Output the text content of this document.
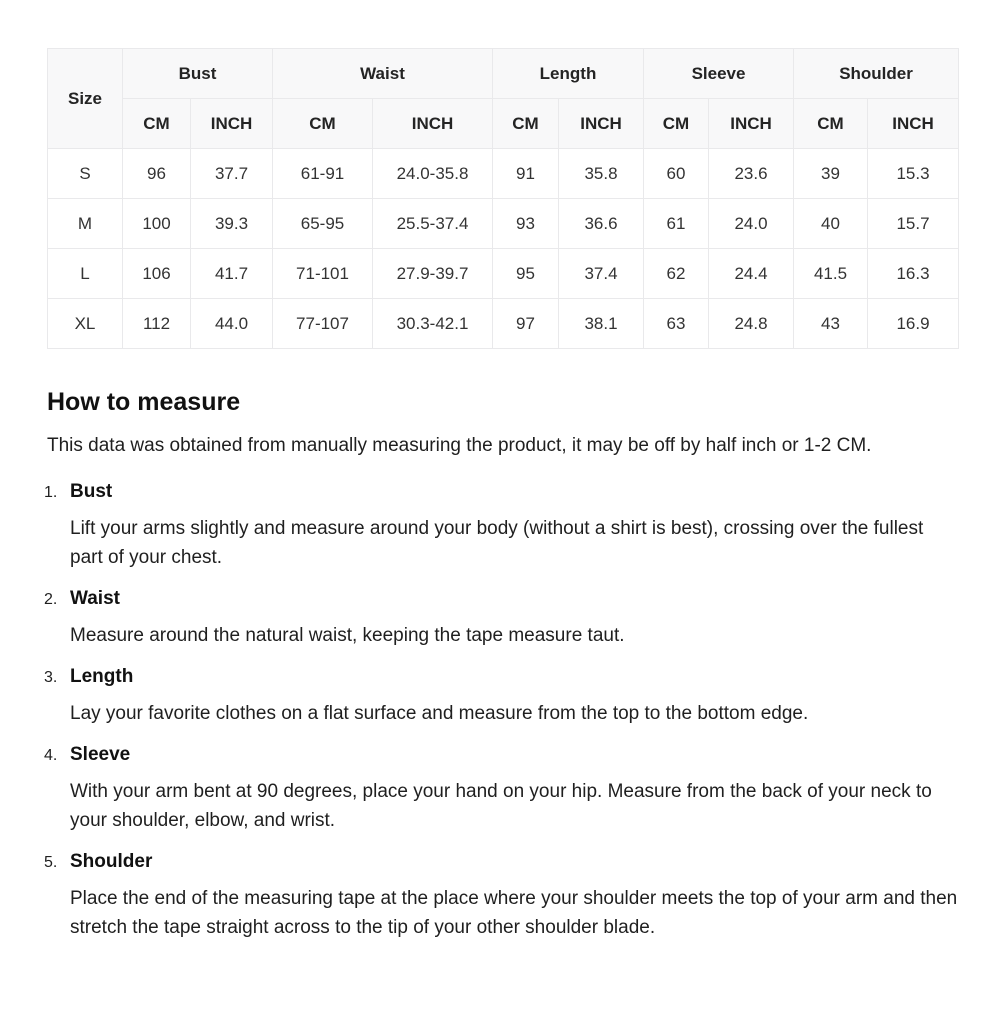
Size	Bust		Waist		Length		Sleeve		Shoulder	
	CM	INCH	CM	INCH	CM	INCH	CM	INCH	CM	INCH
S	96	37.7	61-91	24.0-35.8	91	35.8	60	23.6	39	15.3
M	100	39.3	65-95	25.5-37.4	93	36.6	61	24.0	40	15.7
L	106	41.7	71-101	27.9-39.7	95	37.4	62	24.4	41.5	16.3
XL	112	44.0	77-107	30.3-42.1	97	38.1	63	24.8	43	16.9
How to measure

This data was obtained from manually measuring the product, it may be off by half inch or 1-2 CM.

1. Bust

Lift your arms slightly and measure around your body (without a shirt is best), crossing over the fullest part of your chest.

2. Waist

Measure around the natural waist, keeping the tape measure taut.

3. Length

Lay your favorite clothes on a flat surface and measure from the top to the bottom edge.

4. Sleeve

With your arm bent at 90 degrees, place your hand on your hip. Measure from the back of your neck to your shoulder, elbow, and wrist.

5. Shoulder

Place the end of the measuring tape at the place where your shoulder meets the top of your arm and then stretch the tape straight across to the tip of your other shoulder blade.
